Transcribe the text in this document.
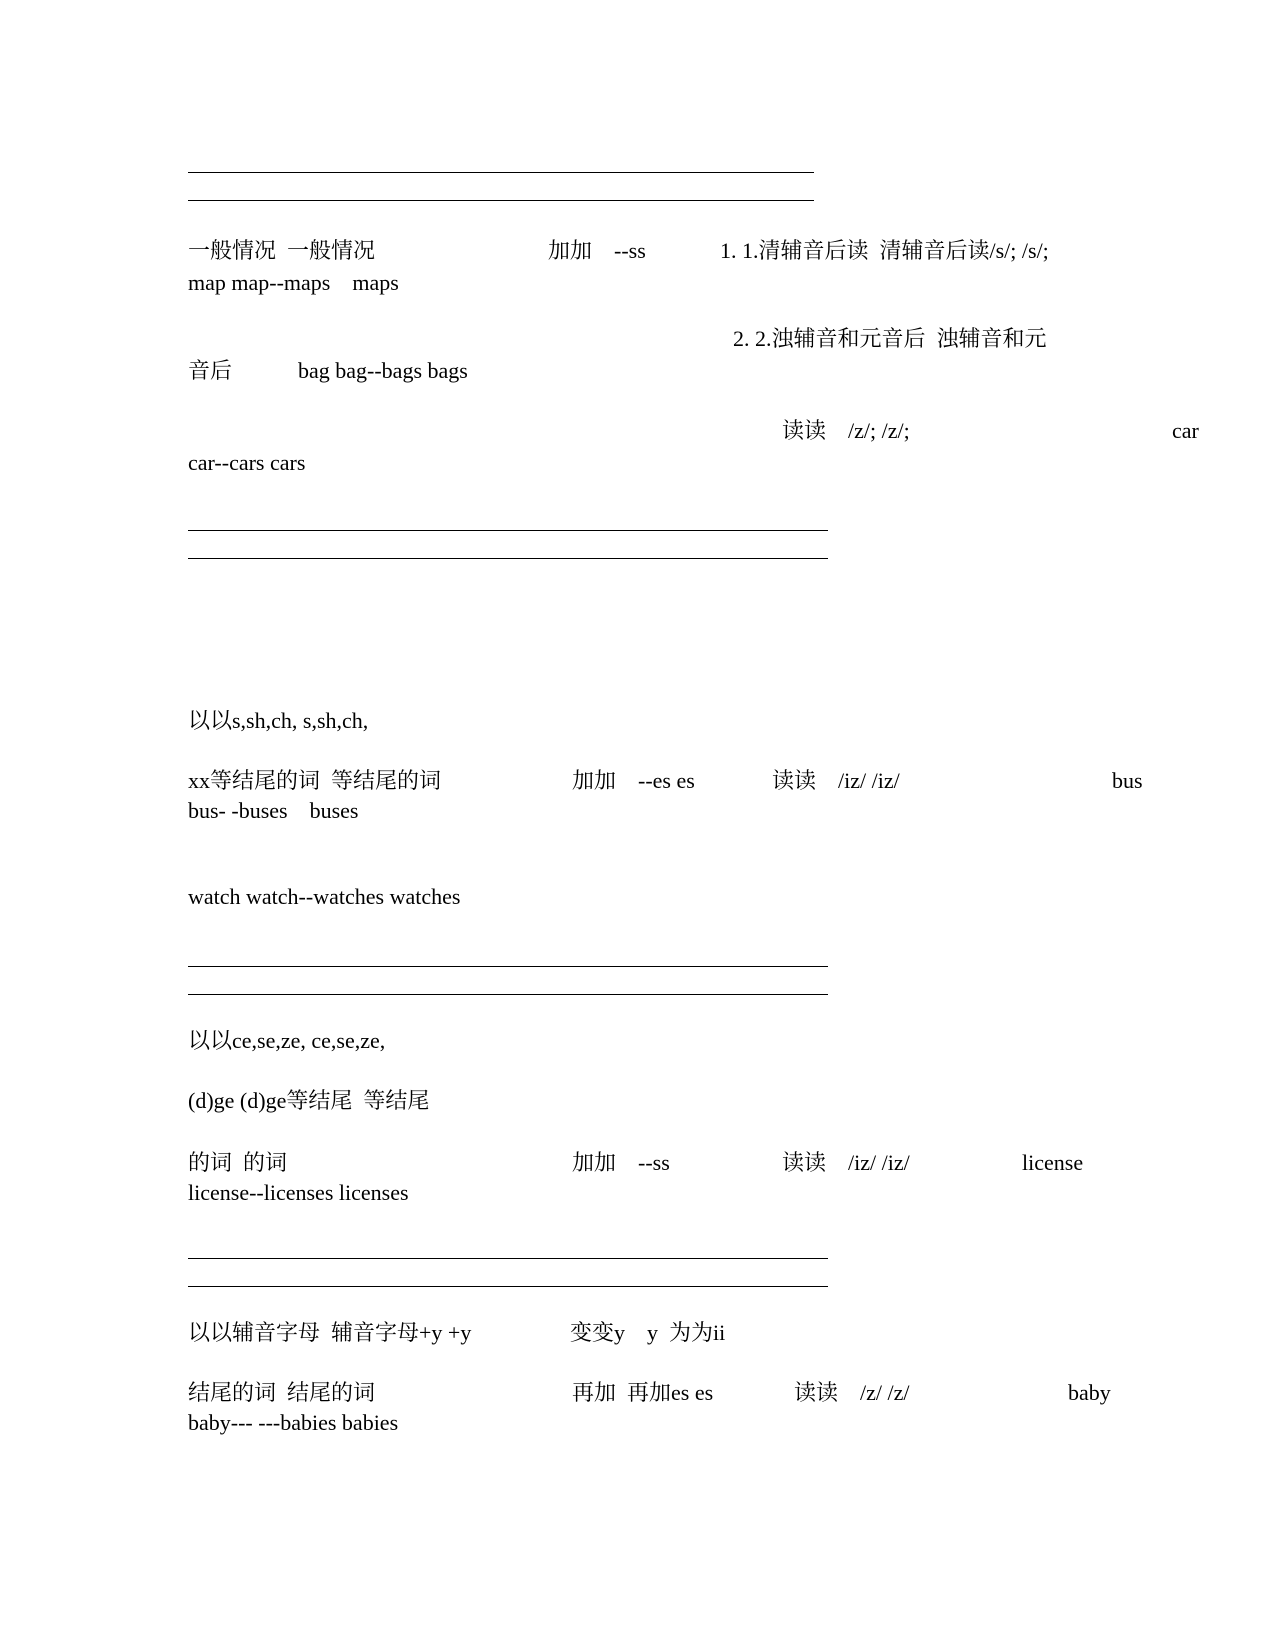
一般情况  一般情况	加加    --ss	1. 1.清辅音后读  清辅音后读/s/; /s/;
map map--maps    maps
2. 2.浊辅音和元音后  浊辅音和元
音后	bag bag--bags bags
读读    /z/; /z/;	car
car--cars cars
以以s,sh,ch, s,sh,ch,
xx等结尾的词  等结尾的词	加加    --es es	读读    /iz/ /iz/	bus
bus- -buses    buses
watch watch--watches watches
以以ce,se,ze, ce,se,ze,
(d)ge (d)ge等结尾  等结尾
的词  的词	加加    --ss	读读    /iz/ /iz/	license
license--licenses licenses
以以辅音字母  辅音字母+y +y	变变y    y  为为ii
结尾的词  结尾的词	再加  再加es es	读读    /z/ /z/	baby
baby--- ---babies babies
